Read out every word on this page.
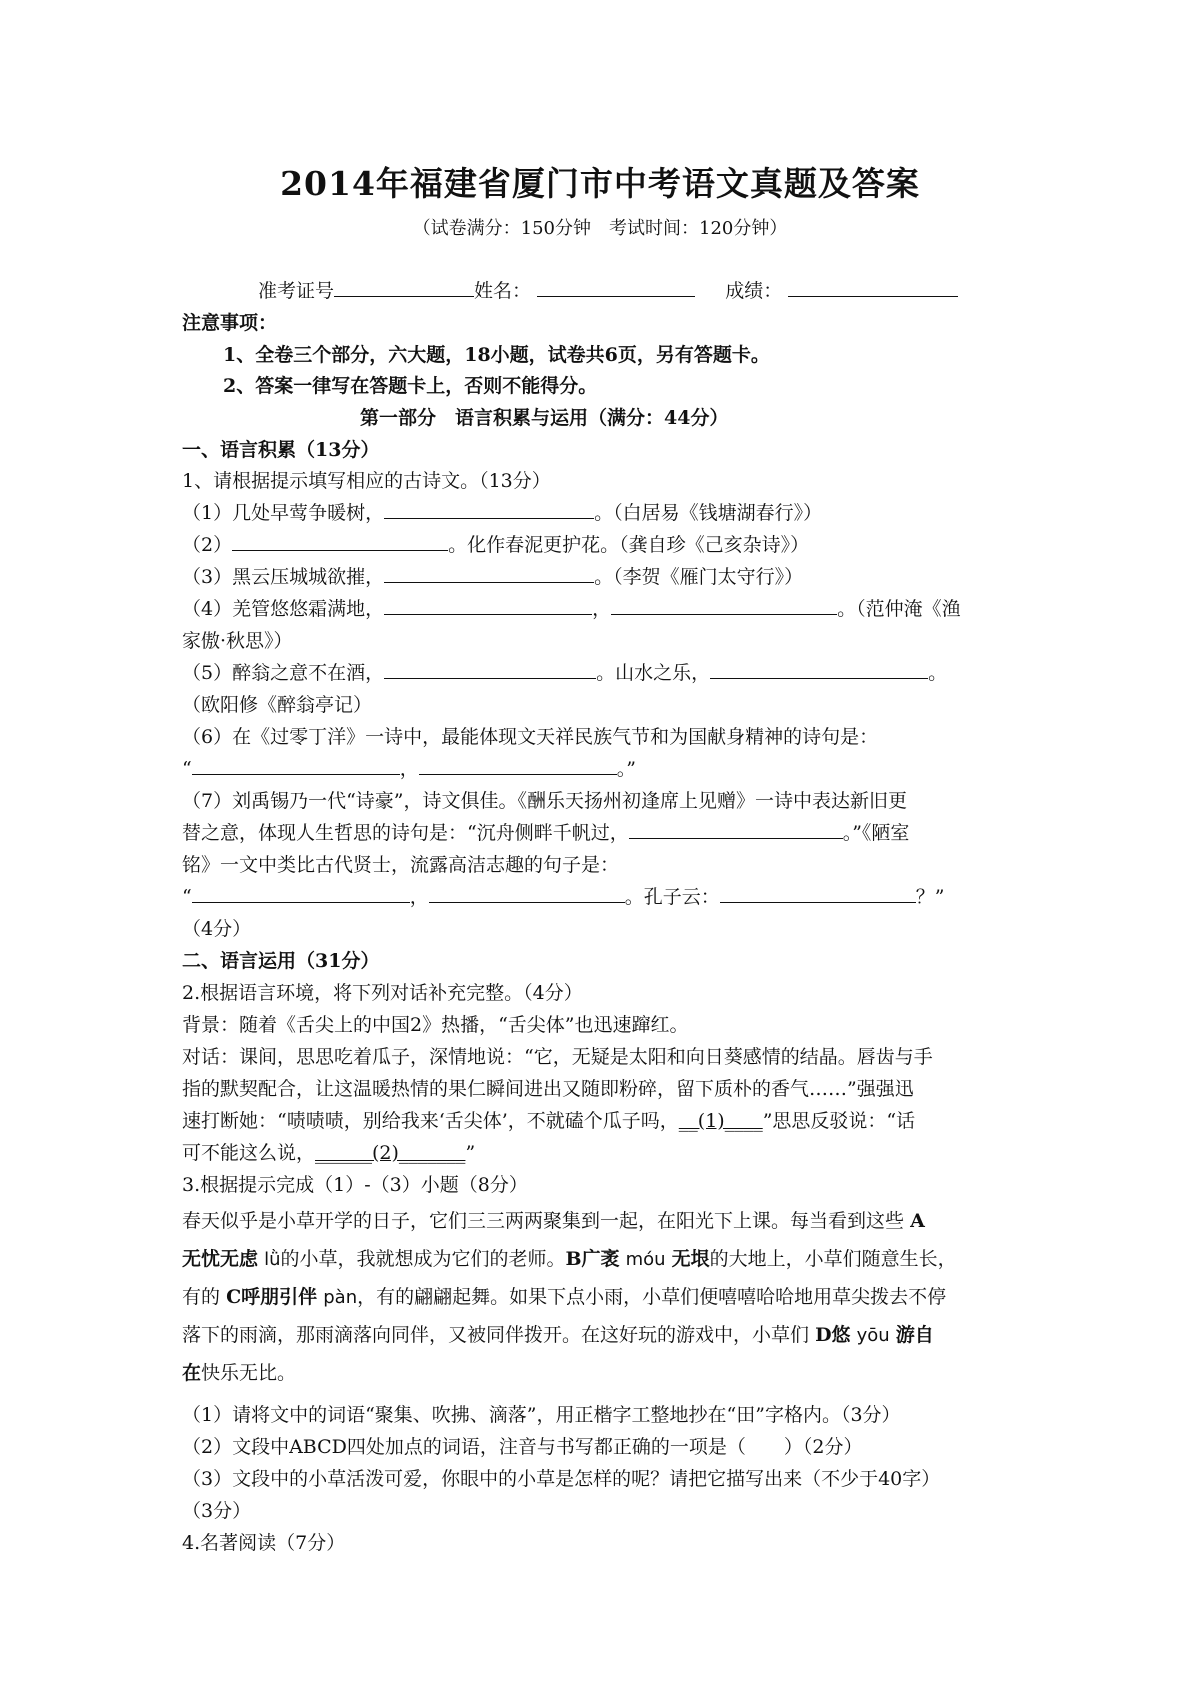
2014年福建省厦门市中考语文真题及答案
（试卷满分：150分钟　考试时间：120分钟）
准考证号	姓名：	成绩：
注意事项：
1、全卷三个部分，六大题，18小题，试卷共6页，另有答题卡。
2、答案一律写在答题卡上，否则不能得分。
第一部分　语言积累与运用（满分：44分）
一、语言积累（13分）
1、请根据提示填写相应的古诗文。（13分）
（1）几处早莺争暖树，	。（白居易《钱塘湖春行》）
（2）	。化作春泥更护花。（龚自珍《己亥杂诗》）
（3）黑云压城城欲摧，	。（李贺《雁门太守行》）
（4）羌管悠悠霜满地，	，	。（范仲淹《渔
家傲·秋思》）
（5）醉翁之意不在酒，	。山水之乐，	。
（欧阳修《醉翁亭记）
（6）在《过零丁洋》一诗中，最能体现文天祥民族气节和为国献身精神的诗句是：
“	，	。”
（7）刘禹锡乃一代“诗豪”，诗文俱佳。《酬乐天扬州初逢席上见赠》一诗中表达新旧更
替之意，体现人生哲思的诗句是：“沉舟侧畔千帆过，	。”《陋室
铭》一文中类比古代贤士，流露高洁志趣的句子是：
“	，	。孔子云：	？”
（4分）
二、语言运用（31分）
2.根据语言环境，将下列对话补充完整。（4分）
背景：随着《舌尖上的中国2》热播，“舌尖体”也迅速蹿红。
对话：课间，思思吃着瓜子，深情地说：“它，无疑是太阳和向日葵感情的结晶。唇齿与手
指的默契配合，让这温暖热情的果仁瞬间进出又随即粉碎，留下质朴的香气……”强强迅
速打断她：“啧啧啧，别给我来‘舌尖体’，不就磕个瓜子吗，__(1)____”思思反驳说：“话
可不能这么说，______(2)_______”
3.根据提示完成（1）-（3）小题（8分）
春天似乎是小草开学的日子，它们三三两两聚集到一起，在阳光下上课。每当看到这些 A
无忧无虑 lǜ的小草，我就想成为它们的老师。B广袤 móu 无垠的大地上，小草们随意生长，
有的 C呼朋引伴 pàn，有的翩翩起舞。如果下点小雨，小草们便嘻嘻哈哈地用草尖拨去不停
落下的雨滴，那雨滴落向同伴，又被同伴拨开。在这好玩的游戏中，小草们 D悠 yōu 游自
在快乐无比。
（1）请将文中的词语“聚集、吹拂、滴落”，用正楷字工整地抄在“田”字格内。（3分）
（2）文段中ABCD四处加点的词语，注音与书写都正确的一项是（　　）（2分）
（3）文段中的小草活泼可爱，你眼中的小草是怎样的呢？请把它描写出来（不少于40字）
（3分）
4.名著阅读（7分）
